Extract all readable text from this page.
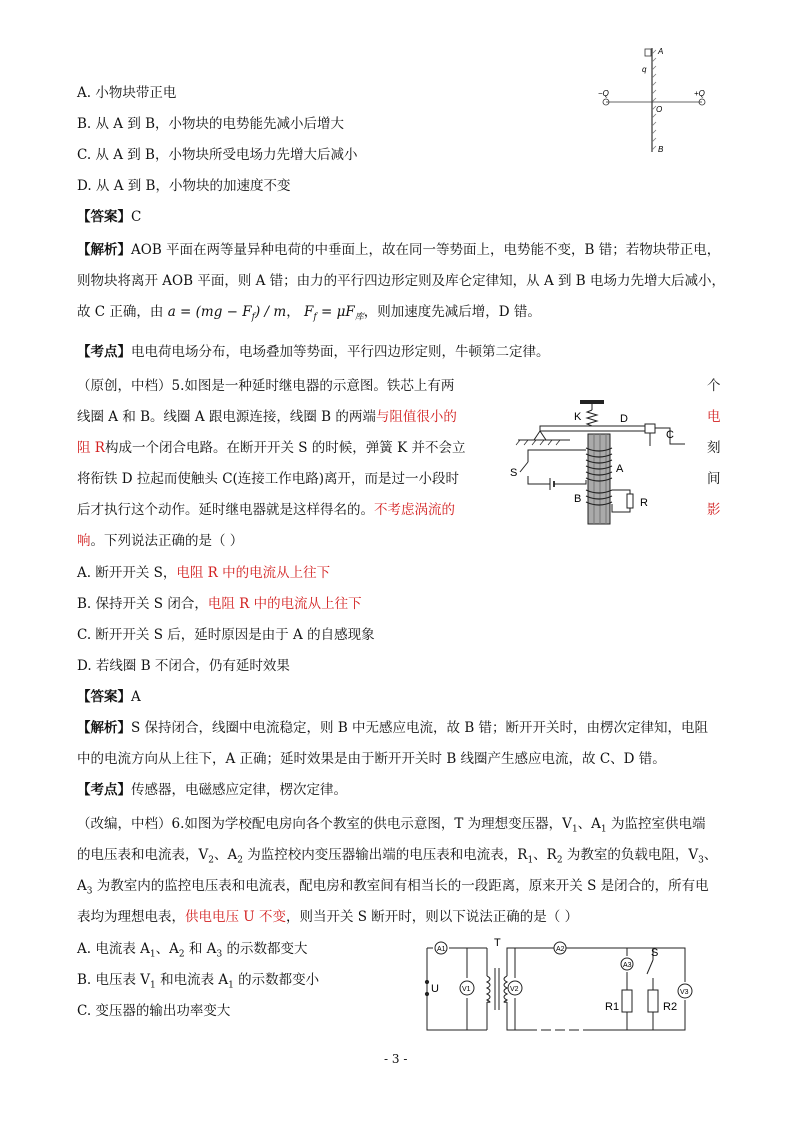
A. 小物块带正电
B. 从 A 到 B，小物块的电势能先减小后增大
C. 从 A 到 B，小物块所受电场力先增大后减小
D. 从 A 到 B，小物块的加速度不变
【答案】C
【解析】AOB 平面在两等量异种电荷的中垂面上，故在同一等势面上，电势能不变，B 错；若物块带正电，
则物块将离开 AOB 平面，则 A 错；由力的平行四边形定则及库仑定律知，从 A 到 B 电场力先增大后减小，
故 C 正确，由 $a = (mg - F_f) / m$， $F_f = \mu F_库$，则加速度先减后增，D 错。
【考点】电电荷电场分布，电场叠加等势面，平行四边形定则，牛顿第二定律。
q
A
O
B
−Q	+Q
（原创，中档）5.如图是一种延时继电器的示意图。铁芯上有两	个
线圈 A 和 B。线圈 A 跟电源连接，线圈 B 的两端与阻值很小的	电
阻 R构成一个闭合电路。在断开开关 S 的时候，弹簧 K 并不会立	刻
将衔铁 D 拉起而使触头 C(连接工作电路)离开，而是过一小段时	间
后才执行这个动作。延时继电器就是这样得名的。不考虑涡流的	影
响。下列说法正确的是（ ）
A. 断开开关 S，电阻 R 中的电流从上往下
B. 保持开关 S 闭合，电阻 R 中的电流从上往下
C. 断开开关 S 后，延时原因是由于 A 的自感现象
D. 若线圈 B 不闭合，仍有延时效果
【答案】A
【解析】S 保持闭合，线圈中电流稳定，则 B 中无感应电流，故 B 错；断开开关时，由楞次定律知，电阻
中的电流方向从上往下，A 正确；延时效果是由于断开开关时 B 线圈产生感应电流，故 C、D 错。
【考点】传感器，电磁感应定律，楞次定律。
K	D
C
A
B	R
S
（改编，中档）6.如图为学校配电房向各个教室的供电示意图，T 为理想变压器，$V_1$、$A_1$ 为监控室供电端
的电压表和电流表，$V_2$、$A_2$ 为监控校内变压器输出端的电压表和电流表，$R_1$、$R_2$ 为教室的负载电阻，$V_3$、
$A_3$ 为教室内的监控电压表和电流表，配电房和教室间有相当长的一段距离，原来开关 S 是闭合的，所有电
表均为理想电表，供电电压 U 不变，则当开关 S 断开时，则以下说法正确的是（ ）
A. 电流表 $A_1$、$A_2$ 和 $A_3$ 的示数都变大
B. 电压表 $V_1$ 和电流表 $A_1$ 的示数都变小
C. 变压器的输出功率变大
A1
V1	V2
A2
A3
V3
T
U
S
R1	R2
- 3 -
